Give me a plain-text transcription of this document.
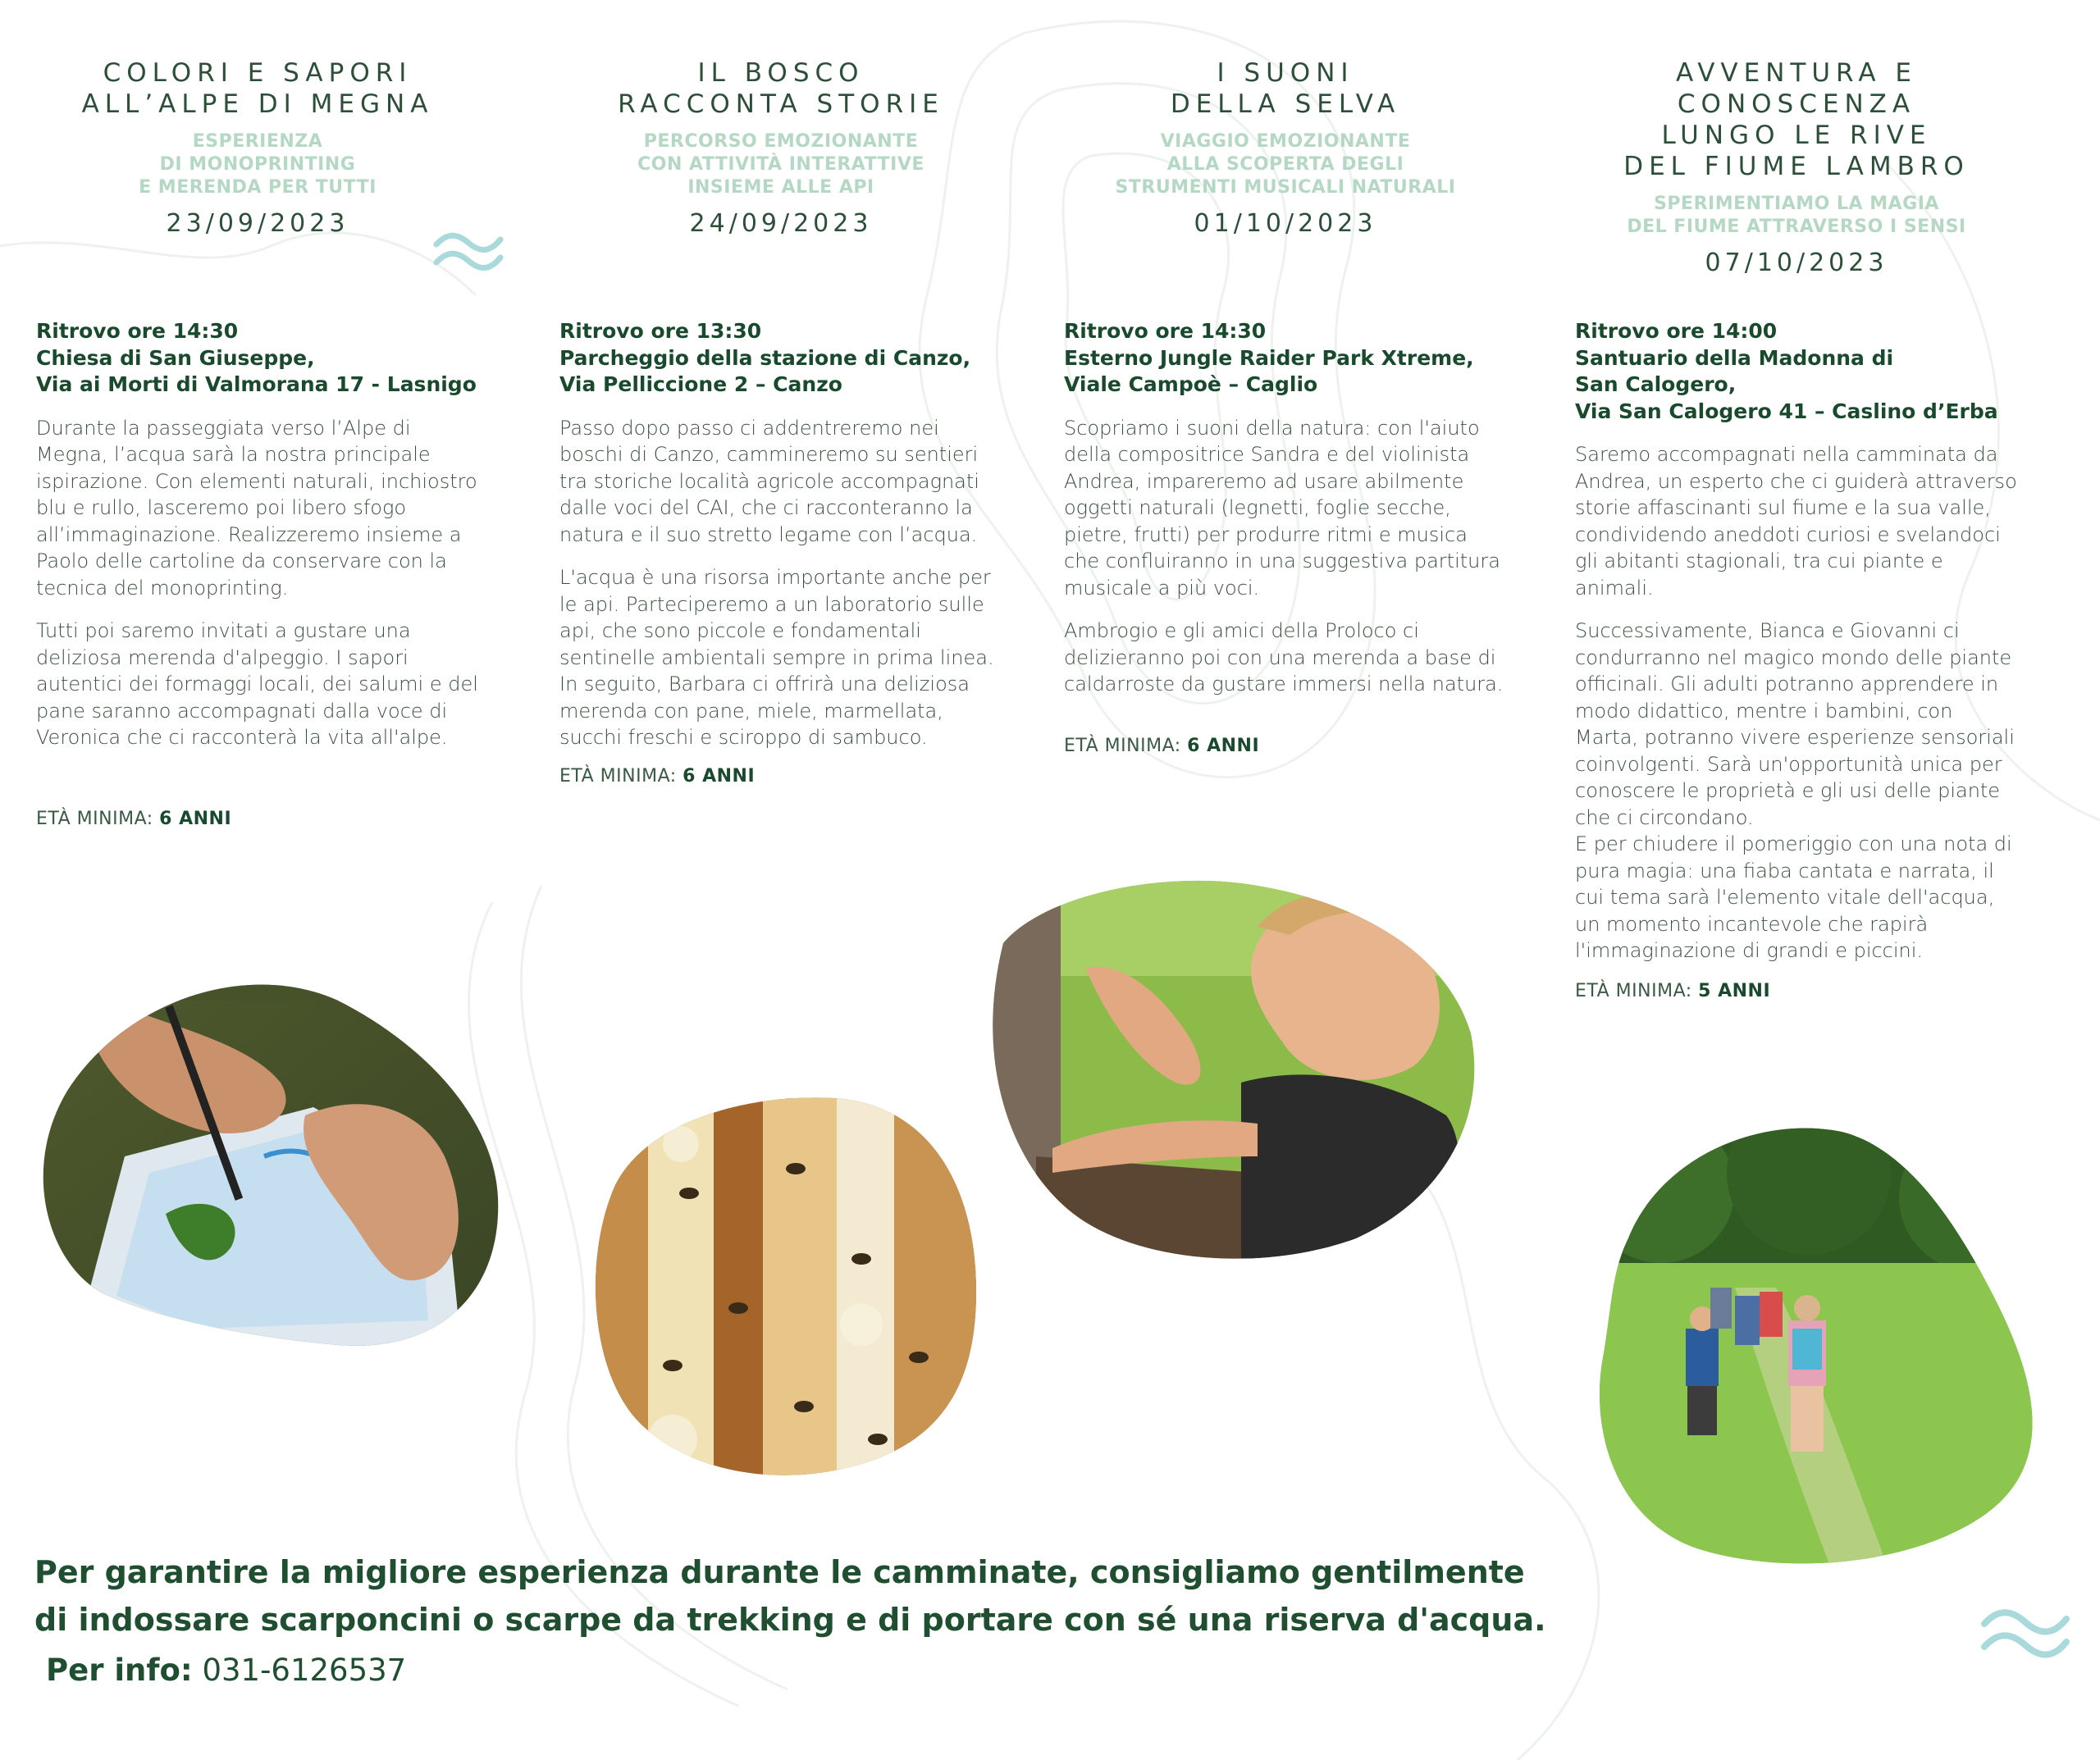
COLORI E SAPORI
ALL’ALPE DI MEGNA
ESPERIENZA
DI MONOPRINTING
E MERENDA PER TUTTI
23/09/2023
Ritrovo ore 14:30
Chiesa di San Giuseppe,
Via ai Morti di Valmorana 17 - Lasnigo

Durante la passeggiata verso l’Alpe di Megna, l’acqua sarà la nostra principale ispirazione. Con elementi naturali, inchiostro blu e rullo, lasceremo poi libero sfogo all’immaginazione. Realizzeremo insieme a Paolo delle cartoline da conservare con la tecnica del monoprinting.

Tutti poi saremo invitati a gustare una deliziosa merenda d'alpeggio. I sapori autentici dei formaggi locali, dei salumi e del pane saranno accompagnati dalla voce di Veronica che ci racconterà la vita all'alpe.

ETÀ MINIMA: 6 ANNI

IL BOSCO
RACCONTA STORIE
PERCORSO EMOZIONANTE
CON ATTIVITÀ INTERATTIVE
INSIEME ALLE API
24/09/2023
Ritrovo ore 13:30
Parcheggio della stazione di Canzo,
Via Pelliccione 2 – Canzo

Passo dopo passo ci addentreremo nei boschi di Canzo, cammineremo su sentieri tra storiche località agricole accompagnati dalle voci del CAI, che ci racconteranno la natura e il suo stretto legame con l’acqua.

L'acqua è una risorsa importante anche per le api. Parteciperemo a un laboratorio sulle api, che sono piccole e fondamentali sentinelle ambientali sempre in prima linea. In seguito, Barbara ci offrirà una deliziosa merenda con pane, miele, marmellata, succhi freschi e sciroppo di sambuco.

ETÀ MINIMA: 6 ANNI

I SUONI
DELLA SELVA
VIAGGIO EMOZIONANTE
ALLA SCOPERTA DEGLI
STRUMENTI MUSICALI NATURALI
01/10/2023
Ritrovo ore 14:30
Esterno Jungle Raider Park Xtreme,
Viale Campoè – Caglio

Scopriamo i suoni della natura: con l'aiuto della compositrice Sandra e del violinista Andrea, impareremo ad usare abilmente oggetti naturali (legnetti, foglie secche, pietre, frutti) per produrre ritmi e musica che confluiranno in una suggestiva partitura musicale a più voci.

Ambrogio e gli amici della Proloco ci delizieranno poi con una merenda a base di caldarroste da gustare immersi nella natura.

ETÀ MINIMA: 6 ANNI

AVVENTURA E CONOSCENZA
LUNGO LE RIVE
DEL FIUME LAMBRO
SPERIMENTIAMO LA MAGIA
DEL FIUME ATTRAVERSO I SENSI
07/10/2023
Ritrovo ore 14:00
Santuario della Madonna di
San Calogero,
Via San Calogero 41 – Caslino d’Erba

Saremo accompagnati nella camminata da Andrea, un esperto che ci guiderà attraverso storie affascinanti sul fiume e la sua valle, condividendo aneddoti curiosi e svelandoci gli abitanti stagionali, tra cui piante e animali.

Successivamente, Bianca e Giovanni ci condurranno nel magico mondo delle piante officinali. Gli adulti potranno apprendere in modo didattico, mentre i bambini, con Marta, potranno vivere esperienze sensoriali coinvolgenti. Sarà un'opportunità unica per conoscere le proprietà e gli usi delle piante che ci circondano.

E per chiudere il pomeriggio con una nota di pura magia: una fiaba cantata e narrata, il cui tema sarà l'elemento vitale dell'acqua, un momento incantevole che rapirà l'immaginazione di grandi e piccini.

ETÀ MINIMA: 5 ANNI

Per garantire la migliore esperienza durante le camminate, consigliamo gentilmente
di indossare scarponcini o scarpe da trekking e di portare con sé una riserva d'acqua.
Per info: 031-6126537
